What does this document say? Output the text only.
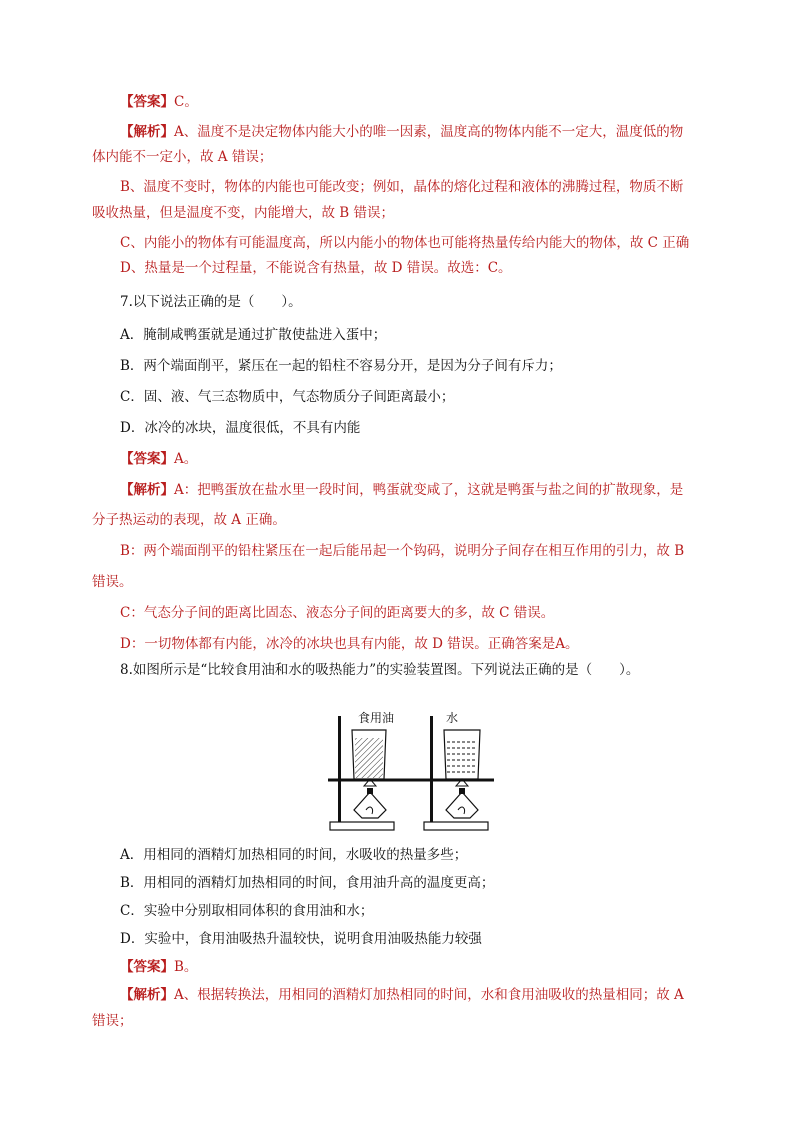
【答案】C。
【解析】A、温度不是决定物体内能大小的唯一因素，温度高的物体内能不一定大，温度低的物
体内能不一定小，故 A 错误；
B、温度不变时，物体的内能也可能改变；例如，晶体的熔化过程和液体的沸腾过程，物质不断
吸收热量，但是温度不变，内能增大，故 B 错误；
C、内能小的物体有可能温度高，所以内能小的物体也可能将热量传给内能大的物体，故 C 正确
D、热量是一个过程量，不能说含有热量，故 D 错误。故选：C。
7.以下说法正确的是（　　）。
A．腌制咸鸭蛋就是通过扩散使盐进入蛋中；
B．两个端面削平，紧压在一起的铅柱不容易分开，是因为分子间有斥力；
C．固、液、气三态物质中，气态物质分子间距离最小；
D．冰冷的冰块，温度很低，不具有内能
【答案】A。
【解析】A：把鸭蛋放在盐水里一段时间，鸭蛋就变咸了，这就是鸭蛋与盐之间的扩散现象，是
分子热运动的表现，故 A 正确。
B：两个端面削平的铅柱紧压在一起后能吊起一个钩码，说明分子间存在相互作用的引力，故 B
错误。
C：气态分子间的距离比固态、液态分子间的距离要大的多，故 C 错误。
D：一切物体都有内能，冰冷的冰块也具有内能，故 D 错误。正确答案是A。
8.如图所示是“比较食用油和水的吸热能力”的实验装置图。下列说法正确的是（　　）。
食用油	水
A．用相同的酒精灯加热相同的时间，水吸收的热量多些；
B．用相同的酒精灯加热相同的时间，食用油升高的温度更高；
C．实验中分别取相同体积的食用油和水；
D．实验中，食用油吸热升温较快，说明食用油吸热能力较强
【答案】B。
【解析】A、根据转换法，用相同的酒精灯加热相同的时间，水和食用油吸收的热量相同；故 A
错误；
